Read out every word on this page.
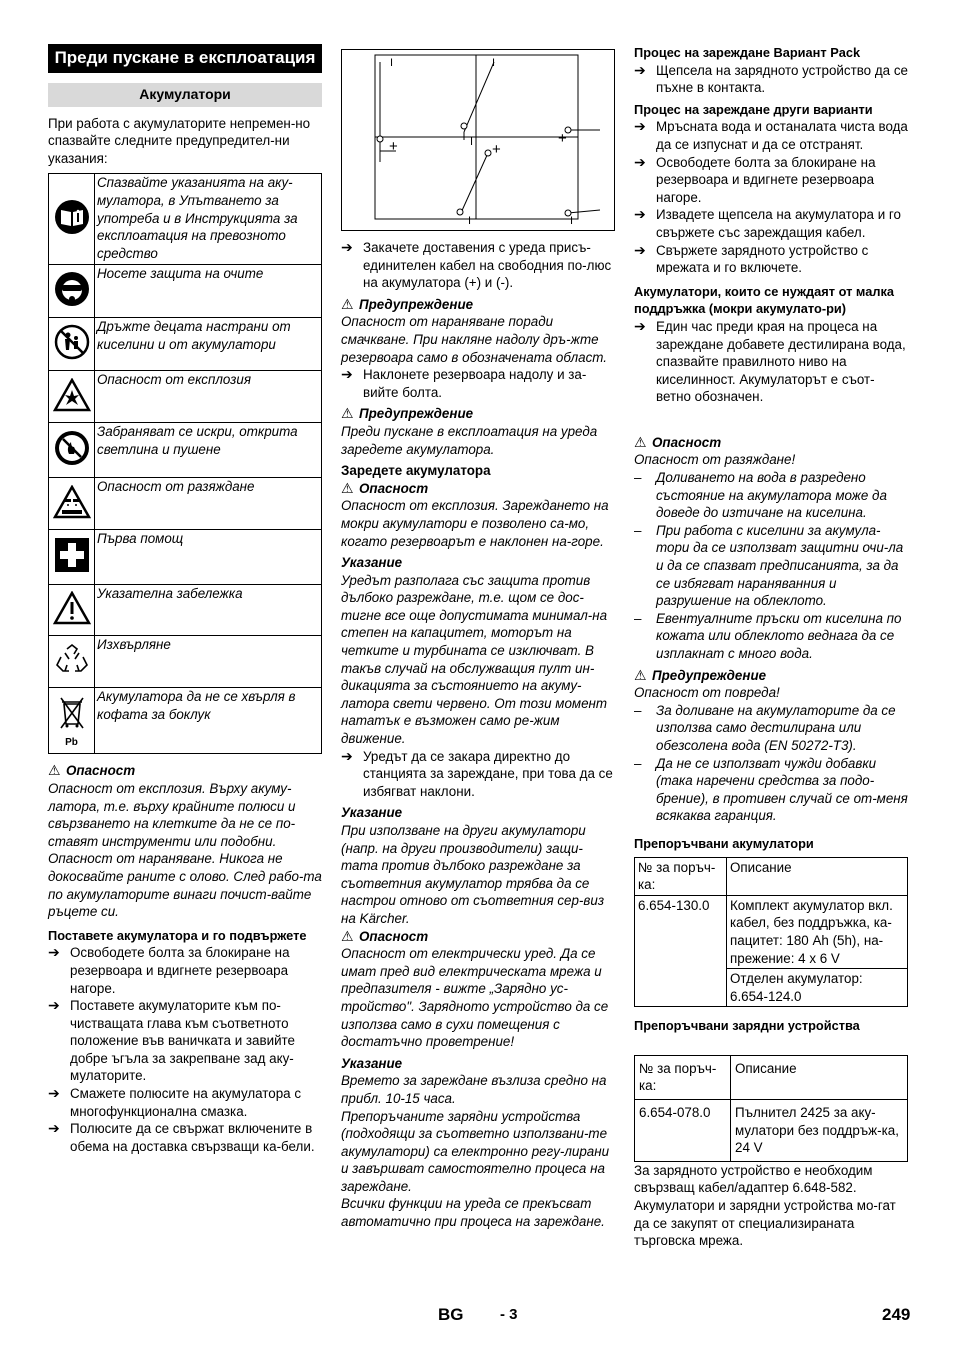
Преди пускане в експлоатация
Акумулатори

При работа с акумулаторите непремен-но спазвайте следните предупредител-ни указания:

	Спазвайте указанията на аку-мулатора, в Упътването за употреба и в Инструкцията за експлоатация на превозното средство
	Носете защита на очите
	Дръжте децата настрани от киселини и от акумулатори
	Опасност от експлозия
	Забраняват се искри, открита светлина и пушене
	Опасност от разяждане
	Първа помощ
	Указателна забележка
	Изхвърляне

Pb	Акумулатора да не се хвърля в кофата за боклук
⚠ Опасност

Опасност от експлозия. Върху акуму-латора, т.е. върху крайните полюси и свързването на клетките да не се по-ставят инструменти или подобни. Опасност от нараняване. Никога не докосвайте раните с олово. След рабо-та по акумулаторите винаги почист-вайте ръцете си.

Поставете акумулатора и го подвържете

➔ Освободете болта за блокиране на резервоара и вдигнете резервоара нагоре.
➔ Поставете акумулаторите към по-чистващата глава към съответното положение във ваничката и завийте добре ъгъла за закрепване зад аку-мулаторите.
➔ Смажете полюсите на акумулатора с многофункционална смазка.
➔ Полюсите да се свържат включените в обема на доставка свързващи ка-бели.
I	I
+	I	+
+
I	I
➔ Закачете доставения с уреда присъ-единителен кабел на свободния по-люс на акумулатора (+) и (-).
⚠ Предупреждение

Опасност от нараняване поради смачкване. При накляне надолу дръ-жте резервоара само в обозначената област.

➔ Наклонете резервоара надолу и за-вийте болта.
⚠ Предупреждение

Преди пускане в експлоатация на уреда заредете акумулатора.

Заредете акумулатора

⚠ Опасност

Опасност от експлозия. Зареждането на мокри акумулатори е позволено са-мо, когато резервоарът е наклонен на-горе.

Указание

Уредът разполага със защита против дълбоко разреждане, т.е. щом се дос-тигне все още допустимата минимал-на степен на капацитет, моторът на четките и турбината се изключват. В такъв случай на обслужващия пулт ин-дикацията за състоянието на акуму-латора свети червено. От този момент нататък е възможен само ре-жим движение.

➔ Уредът да се закара директно до станцията за зареждане, при това да се избягват наклони.

Указание

При използване на други акумулатори (напр. на други производители) защи-тата против дълбоко разреждане за съответния акумулатор трябва да се настрои отново от съответния сер-виз на Kärcher.

⚠ Опасност

Опасност от електрически уред. Да се имат пред вид електрическата мрежа и предпазителя - вижте „Зарядно ус-тройство". Зарядното устройство да се използва само в сухи помещения с достатъчно проветрение!

Указание

Времето за зареждане възлиза средно на прибл. 10-15 часа.

Препоръчаните зарядни устройства (подходящи за съответно използвани-те акумулатори) са електронно регу-лирани и завършват самостоятелно процеса на зареждане.

Всички функции на уреда се прекъсват автоматично при процеса на зареждане.

Процес на зареждане Вариант Pack

➔ Щепсела на зарядното устройство да се пъхне в контакта.

Процес на зареждане други варианти

➔ Мръсната вода и останалата чиста вода да се изпуснат и да се отстранят.
➔ Освободете болта за блокиране на резервоара и вдигнете резервоара нагоре.
➔ Извадете щепсела на акумулатора и го свържете със зареждащия кабел.
➔ Свържете зарядното устройство с мрежата и го включете.

Акумулатори, които се нуждаят от малка поддръжка (мокри акумулато-ри)

➔ Един час преди края на процеса на зареждане добавете дестилирана вода, спазвайте правилното ниво на киселинност. Акумулаторът е съот-ветно обозначен.
⚠ Опасност

Опасност от разяждане!

–	Доливането на вода в разредено състояние на акумулатора може да доведе до изтичане на киселина.
–	При работа с киселини за акумула-тори да се използват защитни очи-ла и да се спазват предписанията, за да се избягват нараняванния и разрушение на облеклото.
–	Евентуалните пръски от киселина по кожата или облеклото веднага да се изплакнат с много вода.
⚠ Предупреждение

Опасност от повреда!

–	За доливане на акумулаторите да се използва само дестилирана или обезсолена вода (EN 50272-T3).
–	Да не се използват чужди добавки (така наречени средства за подо-брение), в противен случай се от-меня всякаква гаранция.

Препоръчвани акумулатори

№ за поръч-ка:	Описание
6.654-130.0	Комплект акумулатор вкл. кабел, без поддръжка, ка-пацитет: 180 Ah (5h), на-прежение: 4 x 6 V
	Отделен акумулатор: 6.654-124.0

Препоръчвани зарядни устройства

№ за поръч-ка:	Описание
6.654-078.0	Пълнител 2425 за аку-мулатори без поддръж-ка, 24 V

За зарядното устройство е необходим свързващ кабел/адаптер 6.648-582. Акумулатори и зарядни устройства мо-гат да се закупят от специализираната търговска мрежа.

BG - 3	249
